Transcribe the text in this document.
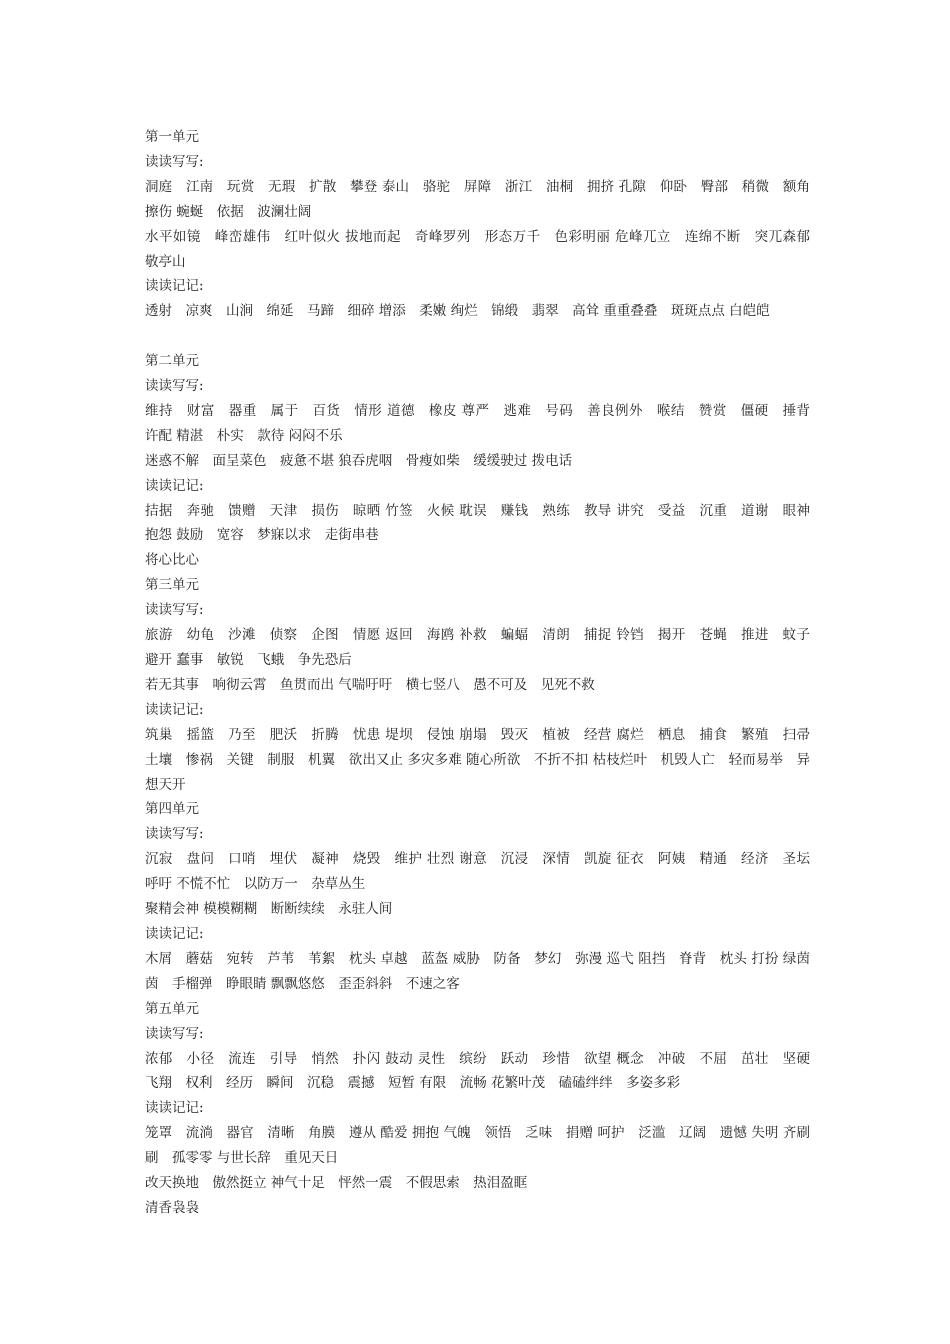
第一单元

读读写写:

洞庭　江南　玩赏　无瑕　扩散　攀登 泰山　骆驼　屏障　浙江　油桐　拥挤 孔隙　仰卧　臀部　稍微　额角　擦伤 蜿蜒　依据　波澜壮阔

水平如镜　峰峦雄伟　红叶似火 拔地而起　奇峰罗列　形态万千　色彩明丽 危峰兀立　连绵不断　突兀森郁　敬亭山

读读记记:

透射　凉爽　山涧　绵延　马蹄　细碎 增添　柔嫩 绚烂　锦缎　翡翠　高耸 重重叠叠　斑斑点点 白皑皑

第二单元

读读写写:

维持　财富　器重　属于　百货　情形 道德　橡皮 尊严　逃难　号码　善良例外　喉结　赞赏　僵硬　捶背　许配 精湛　朴实　款待 闷闷不乐

迷惑不解　面呈菜色　疲惫不堪 狼吞虎咽　骨瘦如柴　缓缓驶过 拨电话

读读记记:

拮据　奔驰　馈赠　天津　损伤　晾晒 竹签　火候 耽误　赚钱　熟练　教导 讲究　受益　沉重　道谢　眼神 抱怨 鼓励　宽容　梦寐以求　走街串巷

将心比心

第三单元

读读写写:

旅游　幼龟　沙滩　侦察　企图　情愿 返回　海鸥 补救　蝙蝠　清朗　捕捉 铃铛　揭开　苍蝇　推进　蚊子 避开 蠢事　敏锐　飞蛾　争先恐后

若无其事　响彻云霄　鱼贯而出 气喘吁吁　横七竖八　愚不可及　见死不救

读读记记:

筑巢　摇篮　乃至　肥沃　折腾　忧患 堤坝　侵蚀 崩塌　毁灭　植被　经营 腐烂　栖息　捕食　繁殖　扫帚 土壤　惨祸　关键　制服　机翼　欲出又止 多灾多难 随心所欲　不折不扣 枯枝烂叶　机毁人亡　轻而易举　异想天开

第四单元

读读写写:

沉寂　盘问　口哨　埋伏　凝神　烧毁　维护 壮烈 谢意　沉浸　深情　凯旋 征衣　阿姨　精通　经济　圣坛 呼吁 不慌不忙　以防万一　杂草丛生

聚精会神 模模糊糊　断断续续　永驻人间

读读记记:

木屑　蘑菇　宛转　芦苇　苇絮　枕头 卓越　蓝盔 威胁　防备　梦幻　弥漫 巡弋 阻挡　脊背　枕头 打扮 绿茵茵　手榴弹　睁眼睛 飘飘悠悠　歪歪斜斜　不速之客

第五单元

读读写写:

浓郁　小径　流连　引导　悄然　扑闪 鼓动 灵性　缤纷　跃动　珍惜　欲望 概念　冲破　不屈　茁壮　坚硬 飞翔　权利　经历　瞬间　沉稳　震撼　短暂 有限　流畅 花繁叶茂　磕磕绊绊　多姿多彩

读读记记:

笼罩　流淌　器官　清晰　角膜　遵从 酷爱 拥抱 气魄　领悟　乏味　捐赠 呵护　泛滥　辽阔　遗憾 失明 齐刷刷　孤零零 与世长辞　重见天日

改天换地　傲然挺立 神气十足　怦然一震　不假思索　热泪盈眶

清香袅袅
